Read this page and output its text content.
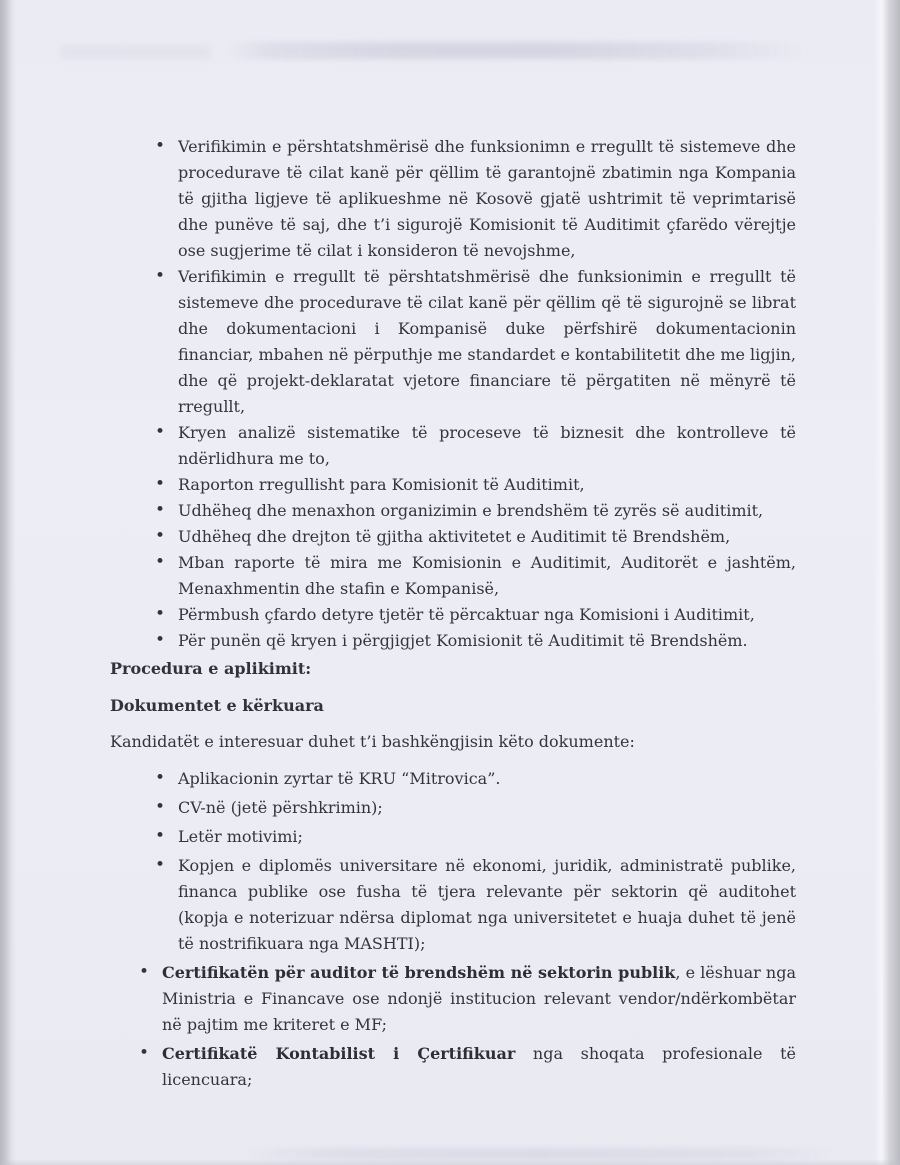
• Verifikimin e përshtatshmërisë dhe funksionimn e rregullt të sistemeve dhe procedurave të cilat kanë për qëllim të garantojnë zbatimin nga Kompania të gjitha ligjeve të aplikueshme në Kosovë gjatë ushtrimit të veprimtarisë dhe punëve të saj, dhe t’i sigurojë Komisionit të Auditimit çfarëdo vërejtje ose sugjerime të cilat i konsideron të nevojshme,
• Verifikimin e rregullt të përshtatshmërisë dhe funksionimin e rregullt të sistemeve dhe procedurave të cilat kanë për qëllim që të sigurojnë se librat dhe dokumentacioni i Kompanisë duke përfshirë dokumentacionin financiar, mbahen në përputhje me standardet e kontabilitetit dhe me ligjin, dhe që projekt-deklaratat vjetore financiare të përgatiten në mënyrë të rregullt,
• Kryen analizë sistematike të proceseve të biznesit dhe kontrolleve të ndërlidhura me to,
• Raporton rregullisht para Komisionit të Auditimit,
• Udhëheq dhe menaxhon organizimin e brendshëm të zyrës së auditimit,
• Udhëheq dhe drejton të gjitha aktivitetet e Auditimit të Brendshëm,
• Mban raporte të mira me Komisionin e Auditimit, Auditorët e jashtëm, Menaxhmentin dhe stafin e Kompanisë,
• Përmbush çfardo detyre tjetër të përcaktuar nga Komisioni i Auditimit,
• Për punën që kryen i përgjigjet Komisionit të Auditimit të Brendshëm.
Procedura e aplikimit:
Dokumentet e kërkuara
Kandidatët e interesuar duhet t’i bashkëngjisin këto dokumente:
• Aplikacionin zyrtar të KRU “Mitrovica”.
• CV-në (jetë përshkrimin);
• Letër motivimi;
• Kopjen e diplomës universitare në ekonomi, juridik, administratë publike, financa publike ose fusha të tjera relevante për sektorin që auditohet (kopja e noterizuar ndërsa diplomat nga universitetet e huaja duhet të jenë të nostrifikuara nga MASHTI);
• Certifikatën për auditor të brendshëm në sektorin publik, e lëshuar nga Ministria e Financave ose ndonjë institucion relevant vendor/ndërkombëtar në pajtim me kriteret e MF;
• Certifikatë Kontabilist i Çertifikuar nga shoqata profesionale të licencuara;
